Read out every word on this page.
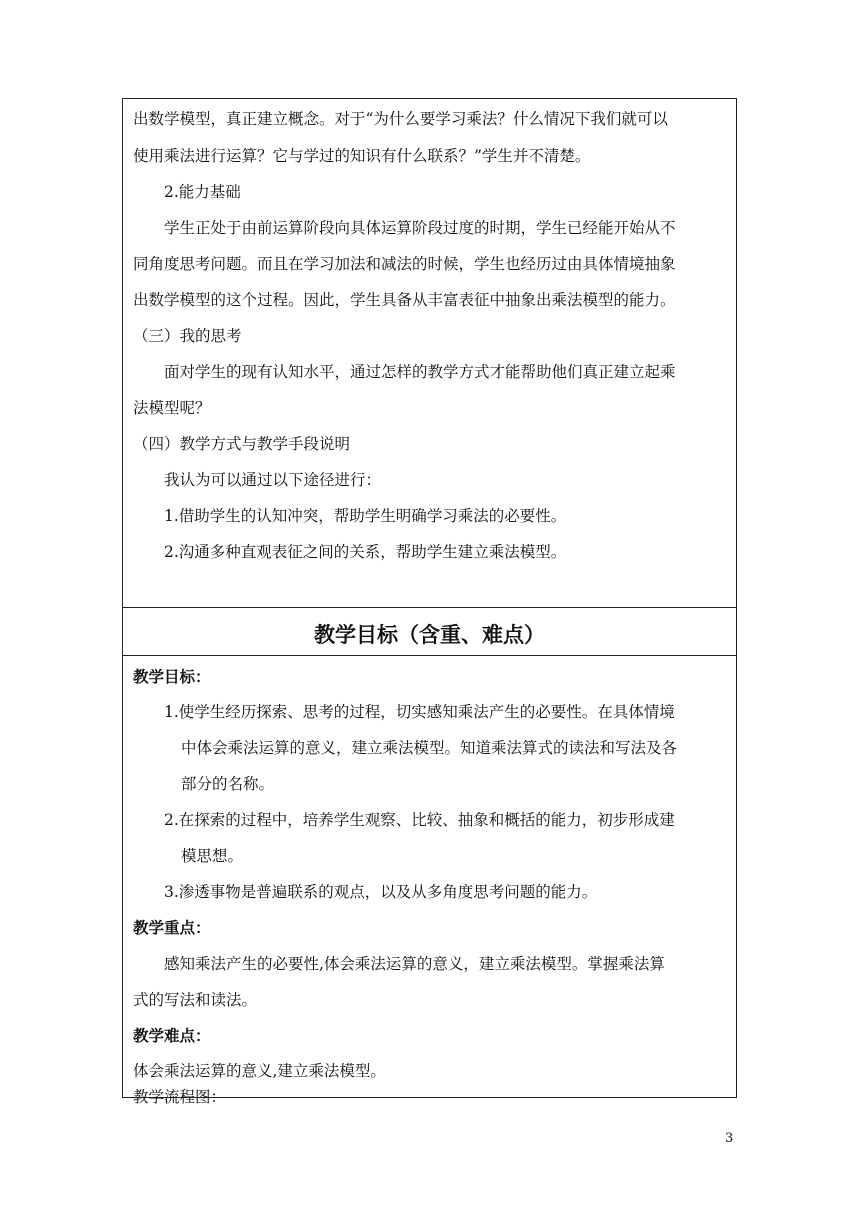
出数学模型，真正建立概念。对于“为什么要学习乘法？什么情况下我们就可以
使用乘法进行运算？它与学过的知识有什么联系？”学生并不清楚。
2.能力基础
学生正处于由前运算阶段向具体运算阶段过度的时期，学生已经能开始从不
同角度思考问题。而且在学习加法和减法的时候，学生也经历过由具体情境抽象
出数学模型的这个过程。因此，学生具备从丰富表征中抽象出乘法模型的能力。
（三）我的思考
面对学生的现有认知水平，通过怎样的教学方式才能帮助他们真正建立起乘
法模型呢？
（四）教学方式与教学手段说明
我认为可以通过以下途径进行：
1.借助学生的认知冲突，帮助学生明确学习乘法的必要性。
2.沟通多种直观表征之间的关系，帮助学生建立乘法模型。
教学目标（含重、难点）
教学目标：
1.使学生经历探索、思考的过程，切实感知乘法产生的必要性。在具体情境
中体会乘法运算的意义，建立乘法模型。知道乘法算式的读法和写法及各
部分的名称。
2.在探索的过程中，培养学生观察、比较、抽象和概括的能力，初步形成建
模思想。
3.渗透事物是普遍联系的观点，以及从多角度思考问题的能力。
教学重点：
感知乘法产生的必要性,体会乘法运算的意义，建立乘法模型。掌握乘法算
式的写法和读法。
教学难点：
体会乘法运算的意义,建立乘法模型。
教学流程图：
3
